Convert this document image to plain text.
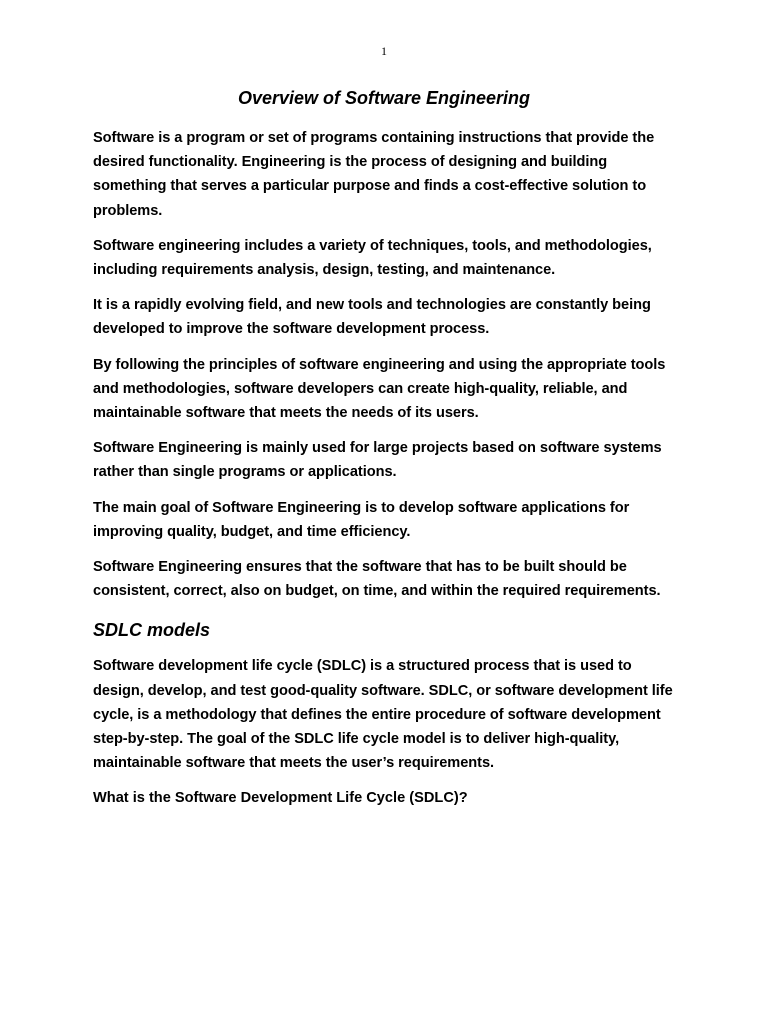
1
Overview of Software Engineering

Software is a program or set of programs containing instructions that provide the desired functionality. Engineering is the process of designing and building something that serves a particular purpose and finds a cost-effective solution to problems.

Software engineering includes a variety of techniques, tools, and methodologies, including requirements analysis, design, testing, and maintenance.

It is a rapidly evolving field, and new tools and technologies are constantly being developed to improve the software development process.

By following the principles of software engineering and using the appropriate tools and methodologies, software developers can create high-quality, reliable, and maintainable software that meets the needs of its users.

Software Engineering is mainly used for large projects based on software systems rather than single programs or applications.

The main goal of Software Engineering is to develop software applications for improving quality, budget, and time efficiency.

Software Engineering ensures that the software that has to be built should be consistent, correct, also on budget, on time, and within the required requirements.

SDLC models

Software development life cycle (SDLC) is a structured process that is used to design, develop, and test good-quality software. SDLC, or software development life cycle, is a methodology that defines the entire procedure of software development step-by-step. The goal of the SDLC life cycle model is to deliver high-quality, maintainable software that meets the user’s requirements.

What is the Software Development Life Cycle (SDLC)?
